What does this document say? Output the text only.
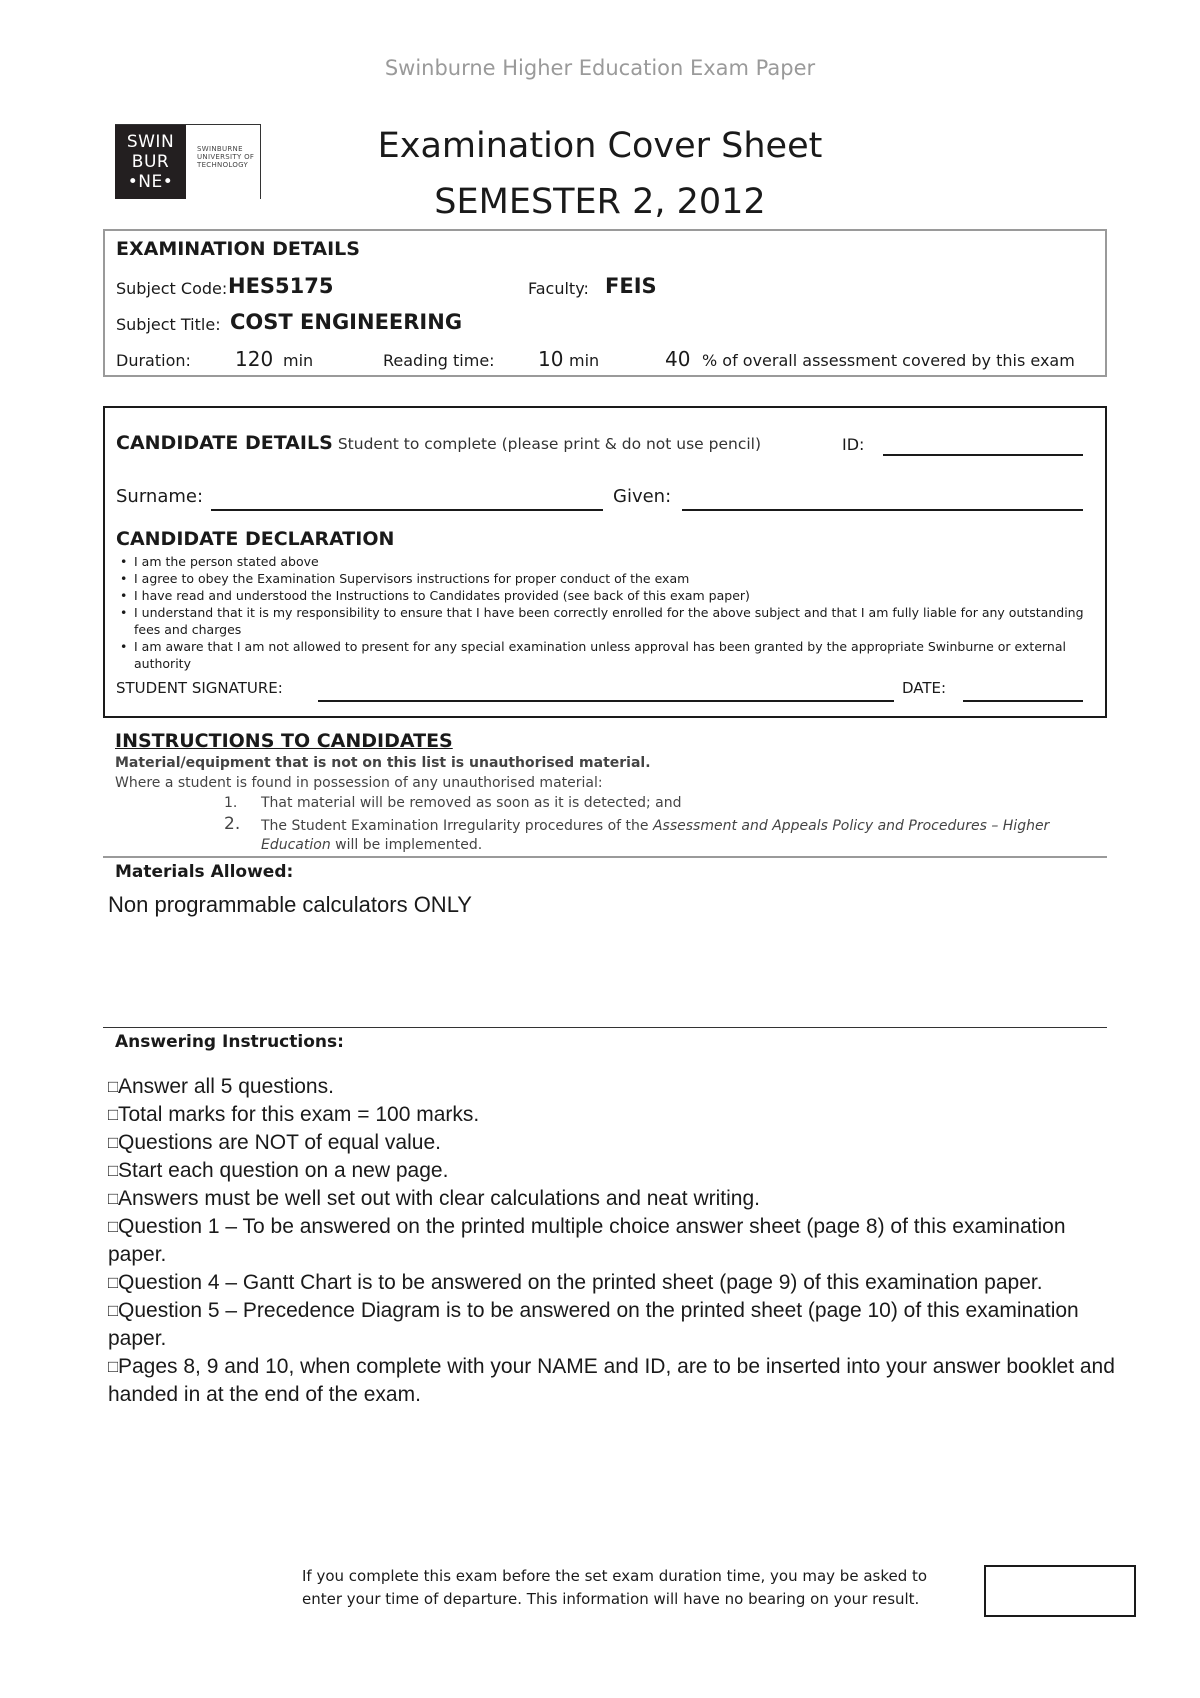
Swinburne Higher Education Exam Paper
SWIN
BUR
•NE•
SWINBURNE
UNIVERSITY OF
TECHNOLOGY	Examination Cover Sheet
SEMESTER 2, 2012
EXAMINATION DETAILS
Subject Code: HES5175	Faculty: FEIS
Subject Title: COST ENGINEERING
Duration: 120 min	Reading time: 10 min	40 % of overall assessment covered by this exam
CANDIDATE DETAILS Student to complete (please print & do not use pencil)	ID:
Surname:	Given:
CANDIDATE DECLARATION
• I am the person stated above
• I agree to obey the Examination Supervisors instructions for proper conduct of the exam
• I have read and understood the Instructions to Candidates provided (see back of this exam paper)
• I understand that it is my responsibility to ensure that I have been correctly enrolled for the above subject and that I am fully liable for any outstanding fees and charges
• I am aware that I am not allowed to present for any special examination unless approval has been granted by the appropriate Swinburne or external authority
STUDENT SIGNATURE:	DATE:
INSTRUCTIONS TO CANDIDATES
Material/equipment that is not on this list is unauthorised material.
Where a student is found in possession of any unauthorised material:
1. That material will be removed as soon as it is detected; and
2. The Student Examination Irregularity procedures of the Assessment and Appeals Policy and Procedures – Higher Education will be implemented.
Materials Allowed:
Non programmable calculators ONLY
Answering Instructions:
□Answer all 5 questions.
□Total marks for this exam = 100 marks.
□Questions are NOT of equal value.
□Start each question on a new page.
□Answers must be well set out with clear calculations and neat writing.
□Question 1 – To be answered on the printed multiple choice answer sheet (page 8) of this examination paper.
□Question 4 – Gantt Chart is to be answered on the printed sheet (page 9) of this examination paper.
□Question 5 – Precedence Diagram is to be answered on the printed sheet (page 10) of this examination paper.
□Pages 8, 9 and 10, when complete with your NAME and ID, are to be inserted into your answer booklet and handed in at the end of the exam.
If you complete this exam before the set exam duration time, you may be asked to
enter your time of departure. This information will have no bearing on your result.
